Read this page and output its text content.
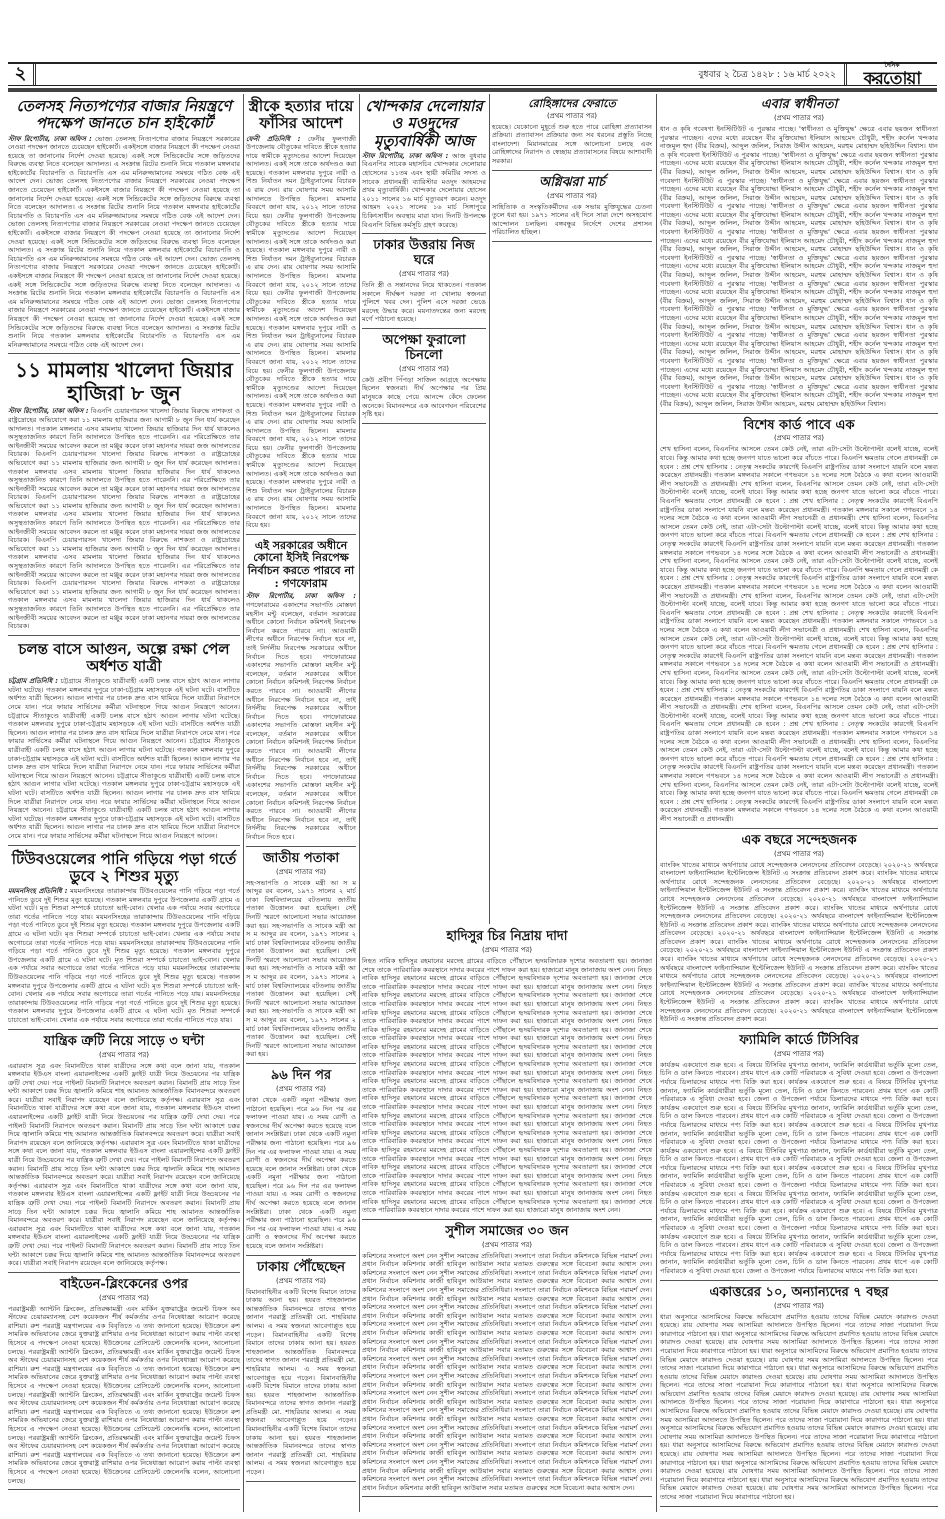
২	বুধবার ২ চৈত্র ১৪২৮ : ১৬ মার্চ ২০২২
দৈনিক
করতোয়া
তেলসহ নিত্যপণ্যের বাজার নিয়ন্ত্রণে পদক্ষেপ জানতে চান হাইকোর্ট
স্টাফ রিপোর্টার, ঢাকা অফিস : ভোজ্য তেলসহ নিত্যপণ্যের বাজার নিয়ন্ত্রণে সরকারের নেওয়া পদক্ষেপ জানতে চেয়েছেন হাইকোর্ট। একইসঙ্গে বাজার নিয়ন্ত্রণে কী পদক্ষেপ নেওয়া হয়েছে তা জানানোর নির্দেশ দেওয়া হয়েছে। একই সঙ্গে সিন্ডিকেটের সঙ্গে জড়িতদের বিরুদ্ধে ব্যবস্থা নিতে বলেছেন আদালত। এ সংক্রান্ত রিটের শুনানি নিয়ে গতকাল মঙ্গলবার হাইকোর্টের বিচারপতি ও বিচারপতি এস এম মনিরুজ্জামানের সমন্বয়ে গঠিত বেঞ্চ এই আদেশ দেন। ভোজ্য তেলসহ নিত্যপণ্যের বাজার নিয়ন্ত্রণে সরকারের নেওয়া পদক্ষেপ জানতে চেয়েছেন হাইকোর্ট। একইসঙ্গে বাজার নিয়ন্ত্রণে কী পদক্ষেপ নেওয়া হয়েছে তা জানানোর নির্দেশ দেওয়া হয়েছে। একই সঙ্গে সিন্ডিকেটের সঙ্গে জড়িতদের বিরুদ্ধে ব্যবস্থা নিতে বলেছেন আদালত। এ সংক্রান্ত রিটের শুনানি নিয়ে গতকাল মঙ্গলবার হাইকোর্টের বিচারপতি ও বিচারপতি এস এম মনিরুজ্জামানের সমন্বয়ে গঠিত বেঞ্চ এই আদেশ দেন। ভোজ্য তেলসহ নিত্যপণ্যের বাজার নিয়ন্ত্রণে সরকারের নেওয়া পদক্ষেপ জানতে চেয়েছেন হাইকোর্ট। একইসঙ্গে বাজার নিয়ন্ত্রণে কী পদক্ষেপ নেওয়া হয়েছে তা জানানোর নির্দেশ দেওয়া হয়েছে। একই সঙ্গে সিন্ডিকেটের সঙ্গে জড়িতদের বিরুদ্ধে ব্যবস্থা নিতে বলেছেন আদালত। এ সংক্রান্ত রিটের শুনানি নিয়ে গতকাল মঙ্গলবার হাইকোর্টের বিচারপতি ও বিচারপতি এস এম মনিরুজ্জামানের সমন্বয়ে গঠিত বেঞ্চ এই আদেশ দেন। ভোজ্য তেলসহ নিত্যপণ্যের বাজার নিয়ন্ত্রণে সরকারের নেওয়া পদক্ষেপ জানতে চেয়েছেন হাইকোর্ট। একইসঙ্গে বাজার নিয়ন্ত্রণে কী পদক্ষেপ নেওয়া হয়েছে তা জানানোর নির্দেশ দেওয়া হয়েছে। একই সঙ্গে সিন্ডিকেটের সঙ্গে জড়িতদের বিরুদ্ধে ব্যবস্থা নিতে বলেছেন আদালত। এ সংক্রান্ত রিটের শুনানি নিয়ে গতকাল মঙ্গলবার হাইকোর্টের বিচারপতি ও বিচারপতি এস এম মনিরুজ্জামানের সমন্বয়ে গঠিত বেঞ্চ এই আদেশ দেন। ভোজ্য তেলসহ নিত্যপণ্যের বাজার নিয়ন্ত্রণে সরকারের নেওয়া পদক্ষেপ জানতে চেয়েছেন হাইকোর্ট। একইসঙ্গে বাজার নিয়ন্ত্রণে কী পদক্ষেপ নেওয়া হয়েছে তা জানানোর নির্দেশ দেওয়া হয়েছে। একই সঙ্গে সিন্ডিকেটের সঙ্গে জড়িতদের বিরুদ্ধে ব্যবস্থা নিতে বলেছেন আদালত। এ সংক্রান্ত রিটের শুনানি নিয়ে গতকাল মঙ্গলবার হাইকোর্টের বিচারপতি ও বিচারপতি এস এম মনিরুজ্জামানের সমন্বয়ে গঠিত বেঞ্চ এই আদেশ দেন।
১১ মামলায় খালেদা জিয়ার হাজিরা ৮ জুন
স্টাফ রিপোর্টার, ঢাকা অফিস : বিএনপি চেয়ারপারসন খালেদা জিয়ার বিরুদ্ধে নাশকতা ও রাষ্ট্রদ্রোহের অভিযোগে করা ১১ মামলায় হাজিরার জন্য আগামী ৮ জুন দিন ধার্য করেছেন আদালত। গতকাল মঙ্গলবার এসব মামলায় খালেদা জিয়ার হাজিরার দিন ধার্য থাকলেও অসুস্থতাজনিত কারণে তিনি আদালতে উপস্থিত হতে পারেননি। এর পরিপ্রেক্ষিতে তার আইনজীবী সময়ের আবেদন করলে তা মঞ্জুর করেন ঢাকা মহানগর দায়রা জজ আদালতের বিচারক। বিএনপি চেয়ারপারসন খালেদা জিয়ার বিরুদ্ধে নাশকতা ও রাষ্ট্রদ্রোহের অভিযোগে করা ১১ মামলায় হাজিরার জন্য আগামী ৮ জুন দিন ধার্য করেছেন আদালত। গতকাল মঙ্গলবার এসব মামলায় খালেদা জিয়ার হাজিরার দিন ধার্য থাকলেও অসুস্থতাজনিত কারণে তিনি আদালতে উপস্থিত হতে পারেননি। এর পরিপ্রেক্ষিতে তার আইনজীবী সময়ের আবেদন করলে তা মঞ্জুর করেন ঢাকা মহানগর দায়রা জজ আদালতের বিচারক। বিএনপি চেয়ারপারসন খালেদা জিয়ার বিরুদ্ধে নাশকতা ও রাষ্ট্রদ্রোহের অভিযোগে করা ১১ মামলায় হাজিরার জন্য আগামী ৮ জুন দিন ধার্য করেছেন আদালত। গতকাল মঙ্গলবার এসব মামলায় খালেদা জিয়ার হাজিরার দিন ধার্য থাকলেও অসুস্থতাজনিত কারণে তিনি আদালতে উপস্থিত হতে পারেননি। এর পরিপ্রেক্ষিতে তার আইনজীবী সময়ের আবেদন করলে তা মঞ্জুর করেন ঢাকা মহানগর দায়রা জজ আদালতের বিচারক। বিএনপি চেয়ারপারসন খালেদা জিয়ার বিরুদ্ধে নাশকতা ও রাষ্ট্রদ্রোহের অভিযোগে করা ১১ মামলায় হাজিরার জন্য আগামী ৮ জুন দিন ধার্য করেছেন আদালত। গতকাল মঙ্গলবার এসব মামলায় খালেদা জিয়ার হাজিরার দিন ধার্য থাকলেও অসুস্থতাজনিত কারণে তিনি আদালতে উপস্থিত হতে পারেননি। এর পরিপ্রেক্ষিতে তার আইনজীবী সময়ের আবেদন করলে তা মঞ্জুর করেন ঢাকা মহানগর দায়রা জজ আদালতের বিচারক। বিএনপি চেয়ারপারসন খালেদা জিয়ার বিরুদ্ধে নাশকতা ও রাষ্ট্রদ্রোহের অভিযোগে করা ১১ মামলায় হাজিরার জন্য আগামী ৮ জুন দিন ধার্য করেছেন আদালত। গতকাল মঙ্গলবার এসব মামলায় খালেদা জিয়ার হাজিরার দিন ধার্য থাকলেও অসুস্থতাজনিত কারণে তিনি আদালতে উপস্থিত হতে পারেননি। এর পরিপ্রেক্ষিতে তার আইনজীবী সময়ের আবেদন করলে তা মঞ্জুর করেন ঢাকা মহানগর দায়রা জজ আদালতের বিচারক।
চলন্ত বাসে আগুন, অল্পে রক্ষা পেল অর্ধশত যাত্রী
চট্টগ্রাম প্রতিনিধি : চট্টগ্রামে সীতাকুণ্ডে যাত্রীবাহী একটি চলন্ত বাসে হঠাৎ আগুন লাগার ঘটনা ঘটেছে। গতকাল মঙ্গলবার দুপুরে ঢাকা-চট্টগ্রাম মহাসড়কে এই ঘটনা ঘটে। বাসটিতে অর্ধশত যাত্রী ছিলেন। আগুন লাগার পর চালক দ্রুত বাস থামিয়ে দিলে যাত্রীরা নিরাপদে নেমে যান। পরে ফায়ার সার্ভিসের কর্মীরা ঘটনাস্থলে গিয়ে আগুন নিয়ন্ত্রণে আনেন। চট্টগ্রামে সীতাকুণ্ডে যাত্রীবাহী একটি চলন্ত বাসে হঠাৎ আগুন লাগার ঘটনা ঘটেছে। গতকাল মঙ্গলবার দুপুরে ঢাকা-চট্টগ্রাম মহাসড়কে এই ঘটনা ঘটে। বাসটিতে অর্ধশত যাত্রী ছিলেন। আগুন লাগার পর চালক দ্রুত বাস থামিয়ে দিলে যাত্রীরা নিরাপদে নেমে যান। পরে ফায়ার সার্ভিসের কর্মীরা ঘটনাস্থলে গিয়ে আগুন নিয়ন্ত্রণে আনেন। চট্টগ্রামে সীতাকুণ্ডে যাত্রীবাহী একটি চলন্ত বাসে হঠাৎ আগুন লাগার ঘটনা ঘটেছে। গতকাল মঙ্গলবার দুপুরে ঢাকা-চট্টগ্রাম মহাসড়কে এই ঘটনা ঘটে। বাসটিতে অর্ধশত যাত্রী ছিলেন। আগুন লাগার পর চালক দ্রুত বাস থামিয়ে দিলে যাত্রীরা নিরাপদে নেমে যান। পরে ফায়ার সার্ভিসের কর্মীরা ঘটনাস্থলে গিয়ে আগুন নিয়ন্ত্রণে আনেন। চট্টগ্রামে সীতাকুণ্ডে যাত্রীবাহী একটি চলন্ত বাসে হঠাৎ আগুন লাগার ঘটনা ঘটেছে। গতকাল মঙ্গলবার দুপুরে ঢাকা-চট্টগ্রাম মহাসড়কে এই ঘটনা ঘটে। বাসটিতে অর্ধশত যাত্রী ছিলেন। আগুন লাগার পর চালক দ্রুত বাস থামিয়ে দিলে যাত্রীরা নিরাপদে নেমে যান। পরে ফায়ার সার্ভিসের কর্মীরা ঘটনাস্থলে গিয়ে আগুন নিয়ন্ত্রণে আনেন। চট্টগ্রামে সীতাকুণ্ডে যাত্রীবাহী একটি চলন্ত বাসে হঠাৎ আগুন লাগার ঘটনা ঘটেছে। গতকাল মঙ্গলবার দুপুরে ঢাকা-চট্টগ্রাম মহাসড়কে এই ঘটনা ঘটে। বাসটিতে অর্ধশত যাত্রী ছিলেন। আগুন লাগার পর চালক দ্রুত বাস থামিয়ে দিলে যাত্রীরা নিরাপদে নেমে যান। পরে ফায়ার সার্ভিসের কর্মীরা ঘটনাস্থলে গিয়ে আগুন নিয়ন্ত্রণে আনেন।
টিউবওয়েলের পানি গড়িয়ে পড়া গর্তে ডুবে ২ শিশুর মৃত্যু
ময়মনসিংহ প্রতিনিধি : ময়মনসিংহের তারাকান্দায় টিউবওয়েলের পানি গড়িয়ে পড়া গর্তে পানিতে ডুবে দুই শিশুর মৃত্যু হয়েছে। গতকাল মঙ্গলবার দুপুরে উপজেলার একটি গ্রামে এ ঘটনা ঘটে। মৃত শিশুরা সম্পর্কে চাচাতো ভাই-বোন। খেলার এক পর্যায়ে সবার অগোচরে তারা গর্তের পানিতে পড়ে যায়। ময়মনসিংহের তারাকান্দায় টিউবওয়েলের পানি গড়িয়ে পড়া গর্তে পানিতে ডুবে দুই শিশুর মৃত্যু হয়েছে। গতকাল মঙ্গলবার দুপুরে উপজেলার একটি গ্রামে এ ঘটনা ঘটে। মৃত শিশুরা সম্পর্কে চাচাতো ভাই-বোন। খেলার এক পর্যায়ে সবার অগোচরে তারা গর্তের পানিতে পড়ে যায়। ময়মনসিংহের তারাকান্দায় টিউবওয়েলের পানি গড়িয়ে পড়া গর্তে পানিতে ডুবে দুই শিশুর মৃত্যু হয়েছে। গতকাল মঙ্গলবার দুপুরে উপজেলার একটি গ্রামে এ ঘটনা ঘটে। মৃত শিশুরা সম্পর্কে চাচাতো ভাই-বোন। খেলার এক পর্যায়ে সবার অগোচরে তারা গর্তের পানিতে পড়ে যায়। ময়মনসিংহের তারাকান্দায় টিউবওয়েলের পানি গড়িয়ে পড়া গর্তে পানিতে ডুবে দুই শিশুর মৃত্যু হয়েছে। গতকাল মঙ্গলবার দুপুরে উপজেলার একটি গ্রামে এ ঘটনা ঘটে। মৃত শিশুরা সম্পর্কে চাচাতো ভাই-বোন। খেলার এক পর্যায়ে সবার অগোচরে তারা গর্তের পানিতে পড়ে যায়। ময়মনসিংহের তারাকান্দায় টিউবওয়েলের পানি গড়িয়ে পড়া গর্তে পানিতে ডুবে দুই শিশুর মৃত্যু হয়েছে। গতকাল মঙ্গলবার দুপুরে উপজেলার একটি গ্রামে এ ঘটনা ঘটে। মৃত শিশুরা সম্পর্কে চাচাতো ভাই-বোন। খেলার এক পর্যায়ে সবার অগোচরে তারা গর্তের পানিতে পড়ে যায়।
যান্ত্রিক ত্রুটি নিয়ে সাড়ে ৩ ঘন্টা
(প্রথম পাতার পর)
এরারবাস সুত্র এবং বিমানটিতে থাকা যাত্রীদের সঙ্গে কথা বলে জানা যায়, গতকাল মঙ্গলবার ইউএস বাংলা এয়ারলাইন্সের একটি ফ্লাইট যাত্রী নিয়ে উড্ডয়নের পর যান্ত্রিক ত্রুটি দেখা দেয়। পরে পাইলট বিমানটি নিরাপদে অবতরণ করান। বিমানটি প্রায় সাড়ে তিন ঘন্টা আকাশে চক্কর দিয়ে জ্বালানি কমিয়ে শাহ আমানত আন্তর্জাতিক বিমানবন্দরে অবতরণ করে। যাত্রীরা সবাই নিরাপদ রয়েছেন বলে জানিয়েছে কর্তৃপক্ষ। এরারবাস সুত্র এবং বিমানটিতে থাকা যাত্রীদের সঙ্গে কথা বলে জানা যায়, গতকাল মঙ্গলবার ইউএস বাংলা এয়ারলাইন্সের একটি ফ্লাইট যাত্রী নিয়ে উড্ডয়নের পর যান্ত্রিক ত্রুটি দেখা দেয়। পরে পাইলট বিমানটি নিরাপদে অবতরণ করান। বিমানটি প্রায় সাড়ে তিন ঘন্টা আকাশে চক্কর দিয়ে জ্বালানি কমিয়ে শাহ আমানত আন্তর্জাতিক বিমানবন্দরে অবতরণ করে। যাত্রীরা সবাই নিরাপদ রয়েছেন বলে জানিয়েছে কর্তৃপক্ষ। এরারবাস সুত্র এবং বিমানটিতে থাকা যাত্রীদের সঙ্গে কথা বলে জানা যায়, গতকাল মঙ্গলবার ইউএস বাংলা এয়ারলাইন্সের একটি ফ্লাইট যাত্রী নিয়ে উড্ডয়নের পর যান্ত্রিক ত্রুটি দেখা দেয়। পরে পাইলট বিমানটি নিরাপদে অবতরণ করান। বিমানটি প্রায় সাড়ে তিন ঘন্টা আকাশে চক্কর দিয়ে জ্বালানি কমিয়ে শাহ আমানত আন্তর্জাতিক বিমানবন্দরে অবতরণ করে। যাত্রীরা সবাই নিরাপদ রয়েছেন বলে জানিয়েছে কর্তৃপক্ষ। এরারবাস সুত্র এবং বিমানটিতে থাকা যাত্রীদের সঙ্গে কথা বলে জানা যায়, গতকাল মঙ্গলবার ইউএস বাংলা এয়ারলাইন্সের একটি ফ্লাইট যাত্রী নিয়ে উড্ডয়নের পর যান্ত্রিক ত্রুটি দেখা দেয়। পরে পাইলট বিমানটি নিরাপদে অবতরণ করান। বিমানটি প্রায় সাড়ে তিন ঘন্টা আকাশে চক্কর দিয়ে জ্বালানি কমিয়ে শাহ আমানত আন্তর্জাতিক বিমানবন্দরে অবতরণ করে। যাত্রীরা সবাই নিরাপদ রয়েছেন বলে জানিয়েছে কর্তৃপক্ষ। এরারবাস সুত্র এবং বিমানটিতে থাকা যাত্রীদের সঙ্গে কথা বলে জানা যায়, গতকাল মঙ্গলবার ইউএস বাংলা এয়ারলাইন্সের একটি ফ্লাইট যাত্রী নিয়ে উড্ডয়নের পর যান্ত্রিক ত্রুটি দেখা দেয়। পরে পাইলট বিমানটি নিরাপদে অবতরণ করান। বিমানটি প্রায় সাড়ে তিন ঘন্টা আকাশে চক্কর দিয়ে জ্বালানি কমিয়ে শাহ আমানত আন্তর্জাতিক বিমানবন্দরে অবতরণ করে। যাত্রীরা সবাই নিরাপদ রয়েছেন বলে জানিয়েছে কর্তৃপক্ষ।
বাইডেন-ব্লিংকেনের ওপর
(প্রথম পাতার পর)
পররাষ্ট্রমন্ত্রী অ্যান্টনি ব্লিংকেন, প্রতিরক্ষামন্ত্রী এবং মার্কিন যুক্তরাষ্ট্রের জয়েন্ট চিফস অব স্টাফের চেয়ারম্যানসহ বেশ কয়েকজন শীর্ষ কর্মকর্তার ওপর নিষেধাজ্ঞা আরোপ করেছে রাশিয়া। রুশ পররাষ্ট্র মন্ত্রণালয়ের এক বিবৃতিতে এ তথ্য জানানো হয়েছে। ইউক্রেনে রুশ সামরিক অভিযানের জেরে যুক্তরাষ্ট্র রাশিয়ার ওপর নিষেধাজ্ঞা আরোপ করায় পাল্টা ব্যবস্থা হিসেবে এ পদক্ষেপ নেওয়া হয়েছে। ইউক্রেনের প্রেসিডেন্ট জেলেনস্কি বলেন, আলোচনা চলছে। পররাষ্ট্রমন্ত্রী অ্যান্টনি ব্লিংকেন, প্রতিরক্ষামন্ত্রী এবং মার্কিন যুক্তরাষ্ট্রের জয়েন্ট চিফস অব স্টাফের চেয়ারম্যানসহ বেশ কয়েকজন শীর্ষ কর্মকর্তার ওপর নিষেধাজ্ঞা আরোপ করেছে রাশিয়া। রুশ পররাষ্ট্র মন্ত্রণালয়ের এক বিবৃতিতে এ তথ্য জানানো হয়েছে। ইউক্রেনে রুশ সামরিক অভিযানের জেরে যুক্তরাষ্ট্র রাশিয়ার ওপর নিষেধাজ্ঞা আরোপ করায় পাল্টা ব্যবস্থা হিসেবে এ পদক্ষেপ নেওয়া হয়েছে। ইউক্রেনের প্রেসিডেন্ট জেলেনস্কি বলেন, আলোচনা চলছে। পররাষ্ট্রমন্ত্রী অ্যান্টনি ব্লিংকেন, প্রতিরক্ষামন্ত্রী এবং মার্কিন যুক্তরাষ্ট্রের জয়েন্ট চিফস অব স্টাফের চেয়ারম্যানসহ বেশ কয়েকজন শীর্ষ কর্মকর্তার ওপর নিষেধাজ্ঞা আরোপ করেছে রাশিয়া। রুশ পররাষ্ট্র মন্ত্রণালয়ের এক বিবৃতিতে এ তথ্য জানানো হয়েছে। ইউক্রেনে রুশ সামরিক অভিযানের জেরে যুক্তরাষ্ট্র রাশিয়ার ওপর নিষেধাজ্ঞা আরোপ করায় পাল্টা ব্যবস্থা হিসেবে এ পদক্ষেপ নেওয়া হয়েছে। ইউক্রেনের প্রেসিডেন্ট জেলেনস্কি বলেন, আলোচনা চলছে। পররাষ্ট্রমন্ত্রী অ্যান্টনি ব্লিংকেন, প্রতিরক্ষামন্ত্রী এবং মার্কিন যুক্তরাষ্ট্রের জয়েন্ট চিফস অব স্টাফের চেয়ারম্যানসহ বেশ কয়েকজন শীর্ষ কর্মকর্তার ওপর নিষেধাজ্ঞা আরোপ করেছে রাশিয়া। রুশ পররাষ্ট্র মন্ত্রণালয়ের এক বিবৃতিতে এ তথ্য জানানো হয়েছে। ইউক্রেনে রুশ সামরিক অভিযানের জেরে যুক্তরাষ্ট্র রাশিয়ার ওপর নিষেধাজ্ঞা আরোপ করায় পাল্টা ব্যবস্থা হিসেবে এ পদক্ষেপ নেওয়া হয়েছে। ইউক্রেনের প্রেসিডেন্ট জেলেনস্কি বলেন, আলোচনা চলছে।
স্ত্রীকে হত্যার দায়ে ফাঁসির আদেশ
ফেনী প্রতিনিধি : ফেনীর ফুলগাজী উপজেলায় যৌতুকের দাবিতে স্ত্রীকে হত্যার দায়ে স্বামীকে মৃত্যুদণ্ডের আদেশ দিয়েছেন আদালত। একই সঙ্গে তাকে অর্থদণ্ডও করা হয়েছে। গতকাল মঙ্গলবার দুপুরে নারী ও শিশু নির্যাতন দমন ট্রাইব্যুনালের বিচারক এ রায় দেন। রায় ঘোষণার সময় আসামি আদালতে উপস্থিত ছিলেন। মামলার বিবরণে জানা যায়, ২০১২ সালে তাদের বিয়ে হয়। ফেনীর ফুলগাজী উপজেলায় যৌতুকের দাবিতে স্ত্রীকে হত্যার দায়ে স্বামীকে মৃত্যুদণ্ডের আদেশ দিয়েছেন আদালত। একই সঙ্গে তাকে অর্থদণ্ডও করা হয়েছে। গতকাল মঙ্গলবার দুপুরে নারী ও শিশু নির্যাতন দমন ট্রাইব্যুনালের বিচারক এ রায় দেন। রায় ঘোষণার সময় আসামি আদালতে উপস্থিত ছিলেন। মামলার বিবরণে জানা যায়, ২০১২ সালে তাদের বিয়ে হয়। ফেনীর ফুলগাজী উপজেলায় যৌতুকের দাবিতে স্ত্রীকে হত্যার দায়ে স্বামীকে মৃত্যুদণ্ডের আদেশ দিয়েছেন আদালত। একই সঙ্গে তাকে অর্থদণ্ডও করা হয়েছে। গতকাল মঙ্গলবার দুপুরে নারী ও শিশু নির্যাতন দমন ট্রাইব্যুনালের বিচারক এ রায় দেন। রায় ঘোষণার সময় আসামি আদালতে উপস্থিত ছিলেন। মামলার বিবরণে জানা যায়, ২০১২ সালে তাদের বিয়ে হয়। ফেনীর ফুলগাজী উপজেলায় যৌতুকের দাবিতে স্ত্রীকে হত্যার দায়ে স্বামীকে মৃত্যুদণ্ডের আদেশ দিয়েছেন আদালত। একই সঙ্গে তাকে অর্থদণ্ডও করা হয়েছে। গতকাল মঙ্গলবার দুপুরে নারী ও শিশু নির্যাতন দমন ট্রাইব্যুনালের বিচারক এ রায় দেন। রায় ঘোষণার সময় আসামি আদালতে উপস্থিত ছিলেন। মামলার বিবরণে জানা যায়, ২০১২ সালে তাদের বিয়ে হয়। ফেনীর ফুলগাজী উপজেলায় যৌতুকের দাবিতে স্ত্রীকে হত্যার দায়ে স্বামীকে মৃত্যুদণ্ডের আদেশ দিয়েছেন আদালত। একই সঙ্গে তাকে অর্থদণ্ডও করা হয়েছে। গতকাল মঙ্গলবার দুপুরে নারী ও শিশু নির্যাতন দমন ট্রাইব্যুনালের বিচারক এ রায় দেন। রায় ঘোষণার সময় আসামি আদালতে উপস্থিত ছিলেন। মামলার বিবরণে জানা যায়, ২০১২ সালে তাদের বিয়ে হয়।
এই সরকারের অধীনে কোনো ইসিই নিরপেক্ষ নির্বাচন করতে পারবে না : গণফোরাম
স্টাফ রিপোর্টার, ঢাকা অফিস : গণফোরামের একাংশের সভাপতি মোস্তফা মহসীন মন্টু বলেছেন, বর্তমান সরকারের অধীনে কোনো নির্বাচন কমিশনই নিরপেক্ষ নির্বাচন করতে পারবে না। আওয়ামী লীগের অধীনে নিরপেক্ষ নির্বাচন হবে না, তাই নির্দলীয় নিরপেক্ষ সরকারের অধীনে নির্বাচন দিতে হবে। গণফোরামের একাংশের সভাপতি মোস্তফা মহসীন মন্টু বলেছেন, বর্তমান সরকারের অধীনে কোনো নির্বাচন কমিশনই নিরপেক্ষ নির্বাচন করতে পারবে না। আওয়ামী লীগের অধীনে নিরপেক্ষ নির্বাচন হবে না, তাই নির্দলীয় নিরপেক্ষ সরকারের অধীনে নির্বাচন দিতে হবে। গণফোরামের একাংশের সভাপতি মোস্তফা মহসীন মন্টু বলেছেন, বর্তমান সরকারের অধীনে কোনো নির্বাচন কমিশনই নিরপেক্ষ নির্বাচন করতে পারবে না। আওয়ামী লীগের অধীনে নিরপেক্ষ নির্বাচন হবে না, তাই নির্দলীয় নিরপেক্ষ সরকারের অধীনে নির্বাচন দিতে হবে। গণফোরামের একাংশের সভাপতি মোস্তফা মহসীন মন্টু বলেছেন, বর্তমান সরকারের অধীনে কোনো নির্বাচন কমিশনই নিরপেক্ষ নির্বাচন করতে পারবে না। আওয়ামী লীগের অধীনে নিরপেক্ষ নির্বাচন হবে না, তাই নির্দলীয় নিরপেক্ষ সরকারের অধীনে নির্বাচন দিতে হবে।
জাতীয় পতাকা
(প্রথম পাতার পর)
সহ-সভাপতি ও সাবেক মন্ত্রী আ স ম আব্দুর রব বলেন, ১৯৭১ সালের ২ মার্চ ঢাকা বিশ্ববিদ্যালয়ের বটতলায় জাতীয় পতাকা উত্তোলন করা হয়েছিল। সেই দিনটি স্মরণে আলোচনা সভার আয়োজন করা হয়। সহ-সভাপতি ও সাবেক মন্ত্রী আ স ম আব্দুর রব বলেন, ১৯৭১ সালের ২ মার্চ ঢাকা বিশ্ববিদ্যালয়ের বটতলায় জাতীয় পতাকা উত্তোলন করা হয়েছিল। সেই দিনটি স্মরণে আলোচনা সভার আয়োজন করা হয়। সহ-সভাপতি ও সাবেক মন্ত্রী আ স ম আব্দুর রব বলেন, ১৯৭১ সালের ২ মার্চ ঢাকা বিশ্ববিদ্যালয়ের বটতলায় জাতীয় পতাকা উত্তোলন করা হয়েছিল। সেই দিনটি স্মরণে আলোচনা সভার আয়োজন করা হয়। সহ-সভাপতি ও সাবেক মন্ত্রী আ স ম আব্দুর রব বলেন, ১৯৭১ সালের ২ মার্চ ঢাকা বিশ্ববিদ্যালয়ের বটতলায় জাতীয় পতাকা উত্তোলন করা হয়েছিল। সেই দিনটি স্মরণে আলোচনা সভার আয়োজন করা হয়।
৯৬ দিন পর
(প্রথম পাতার পর)
ঢাকা থেকে একটি নমুনা পরীক্ষার জন্য পাঠানো হয়েছিল। পরে ৯৬ দিন পর এর ফলাফল পাওয়া যায়। এ সময় রোগী ও স্বজনদের দীর্ঘ অপেক্ষা করতে হয়েছে বলে জানান সংশ্লিষ্টরা। ঢাকা থেকে একটি নমুনা পরীক্ষার জন্য পাঠানো হয়েছিল। পরে ৯৬ দিন পর এর ফলাফল পাওয়া যায়। এ সময় রোগী ও স্বজনদের দীর্ঘ অপেক্ষা করতে হয়েছে বলে জানান সংশ্লিষ্টরা। ঢাকা থেকে একটি নমুনা পরীক্ষার জন্য পাঠানো হয়েছিল। পরে ৯৬ দিন পর এর ফলাফল পাওয়া যায়। এ সময় রোগী ও স্বজনদের দীর্ঘ অপেক্ষা করতে হয়েছে বলে জানান সংশ্লিষ্টরা। ঢাকা থেকে একটি নমুনা পরীক্ষার জন্য পাঠানো হয়েছিল। পরে ৯৬ দিন পর এর ফলাফল পাওয়া যায়। এ সময় রোগী ও স্বজনদের দীর্ঘ অপেক্ষা করতে হয়েছে বলে জানান সংশ্লিষ্টরা।
ঢাকায় পৌঁছেছেন
(প্রথম পাতার পর)
বিমানবাহিনীর একটি বিশেষ বিমানে তাদের ঢাকায় আনা হয়। হযরত শাহজালাল আন্তর্জাতিক বিমানবন্দরে তাদের স্বাগত জানান পররাষ্ট্র প্রতিমন্ত্রী মো. শাহরিয়ার আলম। এ সময় স্বজনরা আবেগাপ্লুত হয়ে পড়েন। বিমানবাহিনীর একটি বিশেষ বিমানে তাদের ঢাকায় আনা হয়। হযরত শাহজালাল আন্তর্জাতিক বিমানবন্দরে তাদের স্বাগত জানান পররাষ্ট্র প্রতিমন্ত্রী মো. শাহরিয়ার আলম। এ সময় স্বজনরা আবেগাপ্লুত হয়ে পড়েন। বিমানবাহিনীর একটি বিশেষ বিমানে তাদের ঢাকায় আনা হয়। হযরত শাহজালাল আন্তর্জাতিক বিমানবন্দরে তাদের স্বাগত জানান পররাষ্ট্র প্রতিমন্ত্রী মো. শাহরিয়ার আলম। এ সময় স্বজনরা আবেগাপ্লুত হয়ে পড়েন। বিমানবাহিনীর একটি বিশেষ বিমানে তাদের ঢাকায় আনা হয়। হযরত শাহজালাল আন্তর্জাতিক বিমানবন্দরে তাদের স্বাগত জানান পররাষ্ট্র প্রতিমন্ত্রী মো. শাহরিয়ার আলম। এ সময় স্বজনরা আবেগাপ্লুত হয়ে পড়েন।
খোন্দকার দেলোয়ার ও মওদুদের মৃত্যুবার্ষিকী আজ
স্টাফ রিপোর্টার, ঢাকা অফিস : আজ বুধবার বিএনপির সাবেক মহাসচিব খোন্দকার দেলোয়ার হোসেনের ১১তম এবং স্থায়ী কমিটির সদস্য ও সাবেক প্রধানমন্ত্রী ব্যারিস্টার মওদুদ আহমদের প্রথম মৃত্যুবার্ষিকী। খোন্দকার দেলোয়ার হোসেন ২০১১ সালের ১৬ মার্চ মৃত্যুবরণ করেন। মওদুদ আহমদ ২০২১ সালের ১৬ মার্চ সিঙ্গাপুরে চিকিৎসাধীন অবস্থায় মারা যান। দিনটি উপলক্ষে বিএনপি বিভিন্ন কর্মসূচি গ্রহণ করেছে।
ঢাকার উত্তরায় নিজ ঘরে
(প্রথম পাতার পর)
তিনি স্ত্রী ও সন্তানদের নিয়ে থাকতেন। গতকাল সকালে দীর্ঘক্ষণ দরজা না খোলায় স্বজনরা পুলিশে খবর দেন। পুলিশ এসে দরজা ভেঙে মরদেহ উদ্ধার করে। ময়নাতদন্তের জন্য মরদেহ মর্গে পাঠানো হয়েছে।
অপেক্ষা ফুরালো চিনলো
(প্রথম পাতার পর)
কেউ প্রবীণ পিঁপড়া সাজিল আগ্রহে অপেক্ষায় ছিলেন স্বজনরা। দীর্ঘ অপেক্ষার পর প্রিয় মানুষকে কাছে পেয়ে আনন্দে কেঁদে ফেলেন অনেকে। বিমানবন্দরে এক আবেগঘন পরিবেশের সৃষ্টি হয়।
রোহিঙ্গাদের ফেরাতে
(প্রথম পাতার পর)
হয়েছে। যেকোনো মুহূর্তে শুরু হতে পারে রোহিঙ্গা প্রত্যাবাসন প্রক্রিয়া। প্রত্যাবাসন প্রক্রিয়ার জন্য সব ধরনের প্রস্তুতি নিচ্ছে বাংলাদেশ। মিয়ানমারের সঙ্গে আলোচনা চলছে এবং রোহিঙ্গাদের নিরাপদ ও স্বেচ্ছায় প্রত্যাবাসনের বিষয়ে আশাবাদী সরকার।
অগ্নিঝরা মার্চ
(প্রথম পাতার পর)
সাহিত্যিক ও সংস্কৃতিকর্মীদের এক সভায় মুক্তিযুদ্ধের চেতনা তুলে ধরা হয়। ১৯৭১ সালের এই দিনে সারা দেশে অসহযোগ আন্দোলন চলছিল। বঙ্গবন্ধুর নির্দেশে দেশের প্রশাসন পরিচালিত হচ্ছিল।
এবার স্বাধীনতা
(প্রথম পাতার পর)
ধান ও কৃষি গবেষণা ইনস্টিটিউট এ পুরস্কার পাচ্ছে। 'স্বাধীনতা ও মুক্তিযুদ্ধ' ক্ষেত্রে এবার ছয়জন স্বাধীনতা পুরস্কার পাচ্ছেন। এদের মধ্যে রয়েছেন বীর মুক্তিযোদ্ধা ইলিয়াস আহমেদ চৌধুরী, শহীদ কর্নেল খন্দকার নাজমুল হুদা (বীর বিক্রম), আব্দুল জলিল, সিরাজ উদ্দীন আহমেদ, মরহুম মোহাম্মদ ছহিউদ্দিন বিশ্বাস। ধান ও কৃষি গবেষণা ইনস্টিটিউট এ পুরস্কার পাচ্ছে। 'স্বাধীনতা ও মুক্তিযুদ্ধ' ক্ষেত্রে এবার ছয়জন স্বাধীনতা পুরস্কার পাচ্ছেন। এদের মধ্যে রয়েছেন বীর মুক্তিযোদ্ধা ইলিয়াস আহমেদ চৌধুরী, শহীদ কর্নেল খন্দকার নাজমুল হুদা (বীর বিক্রম), আব্দুল জলিল, সিরাজ উদ্দীন আহমেদ, মরহুম মোহাম্মদ ছহিউদ্দিন বিশ্বাস। ধান ও কৃষি গবেষণা ইনস্টিটিউট এ পুরস্কার পাচ্ছে। 'স্বাধীনতা ও মুক্তিযুদ্ধ' ক্ষেত্রে এবার ছয়জন স্বাধীনতা পুরস্কার পাচ্ছেন। এদের মধ্যে রয়েছেন বীর মুক্তিযোদ্ধা ইলিয়াস আহমেদ চৌধুরী, শহীদ কর্নেল খন্দকার নাজমুল হুদা (বীর বিক্রম), আব্দুল জলিল, সিরাজ উদ্দীন আহমেদ, মরহুম মোহাম্মদ ছহিউদ্দিন বিশ্বাস। ধান ও কৃষি গবেষণা ইনস্টিটিউট এ পুরস্কার পাচ্ছে। 'স্বাধীনতা ও মুক্তিযুদ্ধ' ক্ষেত্রে এবার ছয়জন স্বাধীনতা পুরস্কার পাচ্ছেন। এদের মধ্যে রয়েছেন বীর মুক্তিযোদ্ধা ইলিয়াস আহমেদ চৌধুরী, শহীদ কর্নেল খন্দকার নাজমুল হুদা (বীর বিক্রম), আব্দুল জলিল, সিরাজ উদ্দীন আহমেদ, মরহুম মোহাম্মদ ছহিউদ্দিন বিশ্বাস। ধান ও কৃষি গবেষণা ইনস্টিটিউট এ পুরস্কার পাচ্ছে। 'স্বাধীনতা ও মুক্তিযুদ্ধ' ক্ষেত্রে এবার ছয়জন স্বাধীনতা পুরস্কার পাচ্ছেন। এদের মধ্যে রয়েছেন বীর মুক্তিযোদ্ধা ইলিয়াস আহমেদ চৌধুরী, শহীদ কর্নেল খন্দকার নাজমুল হুদা (বীর বিক্রম), আব্দুল জলিল, সিরাজ উদ্দীন আহমেদ, মরহুম মোহাম্মদ ছহিউদ্দিন বিশ্বাস। ধান ও কৃষি গবেষণা ইনস্টিটিউট এ পুরস্কার পাচ্ছে। 'স্বাধীনতা ও মুক্তিযুদ্ধ' ক্ষেত্রে এবার ছয়জন স্বাধীনতা পুরস্কার পাচ্ছেন। এদের মধ্যে রয়েছেন বীর মুক্তিযোদ্ধা ইলিয়াস আহমেদ চৌধুরী, শহীদ কর্নেল খন্দকার নাজমুল হুদা (বীর বিক্রম), আব্দুল জলিল, সিরাজ উদ্দীন আহমেদ, মরহুম মোহাম্মদ ছহিউদ্দিন বিশ্বাস। ধান ও কৃষি গবেষণা ইনস্টিটিউট এ পুরস্কার পাচ্ছে। 'স্বাধীনতা ও মুক্তিযুদ্ধ' ক্ষেত্রে এবার ছয়জন স্বাধীনতা পুরস্কার পাচ্ছেন। এদের মধ্যে রয়েছেন বীর মুক্তিযোদ্ধা ইলিয়াস আহমেদ চৌধুরী, শহীদ কর্নেল খন্দকার নাজমুল হুদা (বীর বিক্রম), আব্দুল জলিল, সিরাজ উদ্দীন আহমেদ, মরহুম মোহাম্মদ ছহিউদ্দিন বিশ্বাস। ধান ও কৃষি গবেষণা ইনস্টিটিউট এ পুরস্কার পাচ্ছে। 'স্বাধীনতা ও মুক্তিযুদ্ধ' ক্ষেত্রে এবার ছয়জন স্বাধীনতা পুরস্কার পাচ্ছেন। এদের মধ্যে রয়েছেন বীর মুক্তিযোদ্ধা ইলিয়াস আহমেদ চৌধুরী, শহীদ কর্নেল খন্দকার নাজমুল হুদা (বীর বিক্রম), আব্দুল জলিল, সিরাজ উদ্দীন আহমেদ, মরহুম মোহাম্মদ ছহিউদ্দিন বিশ্বাস। ধান ও কৃষি গবেষণা ইনস্টিটিউট এ পুরস্কার পাচ্ছে। 'স্বাধীনতা ও মুক্তিযুদ্ধ' ক্ষেত্রে এবার ছয়জন স্বাধীনতা পুরস্কার পাচ্ছেন। এদের মধ্যে রয়েছেন বীর মুক্তিযোদ্ধা ইলিয়াস আহমেদ চৌধুরী, শহীদ কর্নেল খন্দকার নাজমুল হুদা (বীর বিক্রম), আব্দুল জলিল, সিরাজ উদ্দীন আহমেদ, মরহুম মোহাম্মদ ছহিউদ্দিন বিশ্বাস। ধান ও কৃষি গবেষণা ইনস্টিটিউট এ পুরস্কার পাচ্ছে। 'স্বাধীনতা ও মুক্তিযুদ্ধ' ক্ষেত্রে এবার ছয়জন স্বাধীনতা পুরস্কার পাচ্ছেন। এদের মধ্যে রয়েছেন বীর মুক্তিযোদ্ধা ইলিয়াস আহমেদ চৌধুরী, শহীদ কর্নেল খন্দকার নাজমুল হুদা (বীর বিক্রম), আব্দুল জলিল, সিরাজ উদ্দীন আহমেদ, মরহুম মোহাম্মদ ছহিউদ্দিন বিশ্বাস। ধান ও কৃষি গবেষণা ইনস্টিটিউট এ পুরস্কার পাচ্ছে। 'স্বাধীনতা ও মুক্তিযুদ্ধ' ক্ষেত্রে এবার ছয়জন স্বাধীনতা পুরস্কার পাচ্ছেন। এদের মধ্যে রয়েছেন বীর মুক্তিযোদ্ধা ইলিয়াস আহমেদ চৌধুরী, শহীদ কর্নেল খন্দকার নাজমুল হুদা (বীর বিক্রম), আব্দুল জলিল, সিরাজ উদ্দীন আহমেদ, মরহুম মোহাম্মদ ছহিউদ্দিন বিশ্বাস।
বিশেষ কার্ড পাবে এক
(প্রথম পাতার পর)
শেখ হাসিনা বলেন, বিএনপির আসলে তেমন কেউ নেই, তারা এটা-সেটা উল্টোপাল্টা বলেই যাচ্ছে, বলেই যাবে। কিন্তু আমার কথা হচ্ছে জনগণ যাতে ভালো করে বাঁচতে পারে। বিএনপি ক্ষমতায় গেলে প্রধানমন্ত্রী কে হবেন : প্রশ্ন শেখ হাসিনার : নেতৃত্ব সংকটের কারণেই বিএনপি রাষ্ট্রপতির ডাকা সংলাপে যায়নি বলে মন্তব্য করেছেন প্রধানমন্ত্রী। গতকাল মঙ্গলবার সকালে গণভবনে ১৪ দলের সঙ্গে বৈঠকে এ কথা বলেন আওয়ামী লীগ সভানেত্রী ও প্রধানমন্ত্রী। শেখ হাসিনা বলেন, বিএনপির আসলে তেমন কেউ নেই, তারা এটা-সেটা উল্টোপাল্টা বলেই যাচ্ছে, বলেই যাবে। কিন্তু আমার কথা হচ্ছে জনগণ যাতে ভালো করে বাঁচতে পারে। বিএনপি ক্ষমতায় গেলে প্রধানমন্ত্রী কে হবেন : প্রশ্ন শেখ হাসিনার : নেতৃত্ব সংকটের কারণেই বিএনপি রাষ্ট্রপতির ডাকা সংলাপে যায়নি বলে মন্তব্য করেছেন প্রধানমন্ত্রী। গতকাল মঙ্গলবার সকালে গণভবনে ১৪ দলের সঙ্গে বৈঠকে এ কথা বলেন আওয়ামী লীগ সভানেত্রী ও প্রধানমন্ত্রী। শেখ হাসিনা বলেন, বিএনপির আসলে তেমন কেউ নেই, তারা এটা-সেটা উল্টোপাল্টা বলেই যাচ্ছে, বলেই যাবে। কিন্তু আমার কথা হচ্ছে জনগণ যাতে ভালো করে বাঁচতে পারে। বিএনপি ক্ষমতায় গেলে প্রধানমন্ত্রী কে হবেন : প্রশ্ন শেখ হাসিনার : নেতৃত্ব সংকটের কারণেই বিএনপি রাষ্ট্রপতির ডাকা সংলাপে যায়নি বলে মন্তব্য করেছেন প্রধানমন্ত্রী। গতকাল মঙ্গলবার সকালে গণভবনে ১৪ দলের সঙ্গে বৈঠকে এ কথা বলেন আওয়ামী লীগ সভানেত্রী ও প্রধানমন্ত্রী। শেখ হাসিনা বলেন, বিএনপির আসলে তেমন কেউ নেই, তারা এটা-সেটা উল্টোপাল্টা বলেই যাচ্ছে, বলেই যাবে। কিন্তু আমার কথা হচ্ছে জনগণ যাতে ভালো করে বাঁচতে পারে। বিএনপি ক্ষমতায় গেলে প্রধানমন্ত্রী কে হবেন : প্রশ্ন শেখ হাসিনার : নেতৃত্ব সংকটের কারণেই বিএনপি রাষ্ট্রপতির ডাকা সংলাপে যায়নি বলে মন্তব্য করেছেন প্রধানমন্ত্রী। গতকাল মঙ্গলবার সকালে গণভবনে ১৪ দলের সঙ্গে বৈঠকে এ কথা বলেন আওয়ামী লীগ সভানেত্রী ও প্রধানমন্ত্রী। শেখ হাসিনা বলেন, বিএনপির আসলে তেমন কেউ নেই, তারা এটা-সেটা উল্টোপাল্টা বলেই যাচ্ছে, বলেই যাবে। কিন্তু আমার কথা হচ্ছে জনগণ যাতে ভালো করে বাঁচতে পারে। বিএনপি ক্ষমতায় গেলে প্রধানমন্ত্রী কে হবেন : প্রশ্ন শেখ হাসিনার : নেতৃত্ব সংকটের কারণেই বিএনপি রাষ্ট্রপতির ডাকা সংলাপে যায়নি বলে মন্তব্য করেছেন প্রধানমন্ত্রী। গতকাল মঙ্গলবার সকালে গণভবনে ১৪ দলের সঙ্গে বৈঠকে এ কথা বলেন আওয়ামী লীগ সভানেত্রী ও প্রধানমন্ত্রী। শেখ হাসিনা বলেন, বিএনপির আসলে তেমন কেউ নেই, তারা এটা-সেটা উল্টোপাল্টা বলেই যাচ্ছে, বলেই যাবে। কিন্তু আমার কথা হচ্ছে জনগণ যাতে ভালো করে বাঁচতে পারে। বিএনপি ক্ষমতায় গেলে প্রধানমন্ত্রী কে হবেন : প্রশ্ন শেখ হাসিনার : নেতৃত্ব সংকটের কারণেই বিএনপি রাষ্ট্রপতির ডাকা সংলাপে যায়নি বলে মন্তব্য করেছেন প্রধানমন্ত্রী। গতকাল মঙ্গলবার সকালে গণভবনে ১৪ দলের সঙ্গে বৈঠকে এ কথা বলেন আওয়ামী লীগ সভানেত্রী ও প্রধানমন্ত্রী। শেখ হাসিনা বলেন, বিএনপির আসলে তেমন কেউ নেই, তারা এটা-সেটা উল্টোপাল্টা বলেই যাচ্ছে, বলেই যাবে। কিন্তু আমার কথা হচ্ছে জনগণ যাতে ভালো করে বাঁচতে পারে। বিএনপি ক্ষমতায় গেলে প্রধানমন্ত্রী কে হবেন : প্রশ্ন শেখ হাসিনার : নেতৃত্ব সংকটের কারণেই বিএনপি রাষ্ট্রপতির ডাকা সংলাপে যায়নি বলে মন্তব্য করেছেন প্রধানমন্ত্রী। গতকাল মঙ্গলবার সকালে গণভবনে ১৪ দলের সঙ্গে বৈঠকে এ কথা বলেন আওয়ামী লীগ সভানেত্রী ও প্রধানমন্ত্রী। শেখ হাসিনা বলেন, বিএনপির আসলে তেমন কেউ নেই, তারা এটা-সেটা উল্টোপাল্টা বলেই যাচ্ছে, বলেই যাবে। কিন্তু আমার কথা হচ্ছে জনগণ যাতে ভালো করে বাঁচতে পারে। বিএনপি ক্ষমতায় গেলে প্রধানমন্ত্রী কে হবেন : প্রশ্ন শেখ হাসিনার : নেতৃত্ব সংকটের কারণেই বিএনপি রাষ্ট্রপতির ডাকা সংলাপে যায়নি বলে মন্তব্য করেছেন প্রধানমন্ত্রী। গতকাল মঙ্গলবার সকালে গণভবনে ১৪ দলের সঙ্গে বৈঠকে এ কথা বলেন আওয়ামী লীগ সভানেত্রী ও প্রধানমন্ত্রী। শেখ হাসিনা বলেন, বিএনপির আসলে তেমন কেউ নেই, তারা এটা-সেটা উল্টোপাল্টা বলেই যাচ্ছে, বলেই যাবে। কিন্তু আমার কথা হচ্ছে জনগণ যাতে ভালো করে বাঁচতে পারে। বিএনপি ক্ষমতায় গেলে প্রধানমন্ত্রী কে হবেন : প্রশ্ন শেখ হাসিনার : নেতৃত্ব সংকটের কারণেই বিএনপি রাষ্ট্রপতির ডাকা সংলাপে যায়নি বলে মন্তব্য করেছেন প্রধানমন্ত্রী। গতকাল মঙ্গলবার সকালে গণভবনে ১৪ দলের সঙ্গে বৈঠকে এ কথা বলেন আওয়ামী লীগ সভানেত্রী ও প্রধানমন্ত্রী। শেখ হাসিনা বলেন, বিএনপির আসলে তেমন কেউ নেই, তারা এটা-সেটা উল্টোপাল্টা বলেই যাচ্ছে, বলেই যাবে। কিন্তু আমার কথা হচ্ছে জনগণ যাতে ভালো করে বাঁচতে পারে। বিএনপি ক্ষমতায় গেলে প্রধানমন্ত্রী কে হবেন : প্রশ্ন শেখ হাসিনার : নেতৃত্ব সংকটের কারণেই বিএনপি রাষ্ট্রপতির ডাকা সংলাপে যায়নি বলে মন্তব্য করেছেন প্রধানমন্ত্রী। গতকাল মঙ্গলবার সকালে গণভবনে ১৪ দলের সঙ্গে বৈঠকে এ কথা বলেন আওয়ামী লীগ সভানেত্রী ও প্রধানমন্ত্রী।
এক বছরে সন্দেহজনক
(প্রথম পাতার পর)
ব্যাংকিং খাতের মাধ্যমে অর্থপাচার রোধে সন্দেহজনক লেনদেনের প্রতিবেদন বেড়েছে। ২০২০-২১ অর্থবছরে বাংলাদেশ ফাইন্যান্সিয়াল ইন্টেলিজেন্স ইউনিট এ সংক্রান্ত প্রতিবেদন প্রকাশ করে। ব্যাংকিং খাতের মাধ্যমে অর্থপাচার রোধে সন্দেহজনক লেনদেনের প্রতিবেদন বেড়েছে। ২০২০-২১ অর্থবছরে বাংলাদেশ ফাইন্যান্সিয়াল ইন্টেলিজেন্স ইউনিট এ সংক্রান্ত প্রতিবেদন প্রকাশ করে। ব্যাংকিং খাতের মাধ্যমে অর্থপাচার রোধে সন্দেহজনক লেনদেনের প্রতিবেদন বেড়েছে। ২০২০-২১ অর্থবছরে বাংলাদেশ ফাইন্যান্সিয়াল ইন্টেলিজেন্স ইউনিট এ সংক্রান্ত প্রতিবেদন প্রকাশ করে। ব্যাংকিং খাতের মাধ্যমে অর্থপাচার রোধে সন্দেহজনক লেনদেনের প্রতিবেদন বেড়েছে। ২০২০-২১ অর্থবছরে বাংলাদেশ ফাইন্যান্সিয়াল ইন্টেলিজেন্স ইউনিট এ সংক্রান্ত প্রতিবেদন প্রকাশ করে। ব্যাংকিং খাতের মাধ্যমে অর্থপাচার রোধে সন্দেহজনক লেনদেনের প্রতিবেদন বেড়েছে। ২০২০-২১ অর্থবছরে বাংলাদেশ ফাইন্যান্সিয়াল ইন্টেলিজেন্স ইউনিট এ সংক্রান্ত প্রতিবেদন প্রকাশ করে। ব্যাংকিং খাতের মাধ্যমে অর্থপাচার রোধে সন্দেহজনক লেনদেনের প্রতিবেদন বেড়েছে। ২০২০-২১ অর্থবছরে বাংলাদেশ ফাইন্যান্সিয়াল ইন্টেলিজেন্স ইউনিট এ সংক্রান্ত প্রতিবেদন প্রকাশ করে। ব্যাংকিং খাতের মাধ্যমে অর্থপাচার রোধে সন্দেহজনক লেনদেনের প্রতিবেদন বেড়েছে। ২০২০-২১ অর্থবছরে বাংলাদেশ ফাইন্যান্সিয়াল ইন্টেলিজেন্স ইউনিট এ সংক্রান্ত প্রতিবেদন প্রকাশ করে। ব্যাংকিং খাতের মাধ্যমে অর্থপাচার রোধে সন্দেহজনক লেনদেনের প্রতিবেদন বেড়েছে। ২০২০-২১ অর্থবছরে বাংলাদেশ ফাইন্যান্সিয়াল ইন্টেলিজেন্স ইউনিট এ সংক্রান্ত প্রতিবেদন প্রকাশ করে। ব্যাংকিং খাতের মাধ্যমে অর্থপাচার রোধে সন্দেহজনক লেনদেনের প্রতিবেদন বেড়েছে। ২০২০-২১ অর্থবছরে বাংলাদেশ ফাইন্যান্সিয়াল ইন্টেলিজেন্স ইউনিট এ সংক্রান্ত প্রতিবেদন প্রকাশ করে। ব্যাংকিং খাতের মাধ্যমে অর্থপাচার রোধে সন্দেহজনক লেনদেনের প্রতিবেদন বেড়েছে। ২০২০-২১ অর্থবছরে বাংলাদেশ ফাইন্যান্সিয়াল ইন্টেলিজেন্স ইউনিট এ সংক্রান্ত প্রতিবেদন প্রকাশ করে।
ফ্যামিলি কার্ডে টিসিবির
(প্রথম পাতার পর)
কার্যক্রম একযোগে শুরু হবে। এ বিষয়ে টিসিবির মুখপাত্র জানান, ফ্যামিলি কার্ডধারীরা ভর্তুকি মূল্যে তেল, চিনি ও ডাল কিনতে পারবেন। প্রথম ধাপে এক কোটি পরিবারকে এ সুবিধা দেওয়া হবে। জেলা ও উপজেলা পর্যায়ে ডিলারদের মাধ্যমে পণ্য বিক্রি করা হবে। কার্যক্রম একযোগে শুরু হবে। এ বিষয়ে টিসিবির মুখপাত্র জানান, ফ্যামিলি কার্ডধারীরা ভর্তুকি মূল্যে তেল, চিনি ও ডাল কিনতে পারবেন। প্রথম ধাপে এক কোটি পরিবারকে এ সুবিধা দেওয়া হবে। জেলা ও উপজেলা পর্যায়ে ডিলারদের মাধ্যমে পণ্য বিক্রি করা হবে। কার্যক্রম একযোগে শুরু হবে। এ বিষয়ে টিসিবির মুখপাত্র জানান, ফ্যামিলি কার্ডধারীরা ভর্তুকি মূল্যে তেল, চিনি ও ডাল কিনতে পারবেন। প্রথম ধাপে এক কোটি পরিবারকে এ সুবিধা দেওয়া হবে। জেলা ও উপজেলা পর্যায়ে ডিলারদের মাধ্যমে পণ্য বিক্রি করা হবে। কার্যক্রম একযোগে শুরু হবে। এ বিষয়ে টিসিবির মুখপাত্র জানান, ফ্যামিলি কার্ডধারীরা ভর্তুকি মূল্যে তেল, চিনি ও ডাল কিনতে পারবেন। প্রথম ধাপে এক কোটি পরিবারকে এ সুবিধা দেওয়া হবে। জেলা ও উপজেলা পর্যায়ে ডিলারদের মাধ্যমে পণ্য বিক্রি করা হবে। কার্যক্রম একযোগে শুরু হবে। এ বিষয়ে টিসিবির মুখপাত্র জানান, ফ্যামিলি কার্ডধারীরা ভর্তুকি মূল্যে তেল, চিনি ও ডাল কিনতে পারবেন। প্রথম ধাপে এক কোটি পরিবারকে এ সুবিধা দেওয়া হবে। জেলা ও উপজেলা পর্যায়ে ডিলারদের মাধ্যমে পণ্য বিক্রি করা হবে। কার্যক্রম একযোগে শুরু হবে। এ বিষয়ে টিসিবির মুখপাত্র জানান, ফ্যামিলি কার্ডধারীরা ভর্তুকি মূল্যে তেল, চিনি ও ডাল কিনতে পারবেন। প্রথম ধাপে এক কোটি পরিবারকে এ সুবিধা দেওয়া হবে। জেলা ও উপজেলা পর্যায়ে ডিলারদের মাধ্যমে পণ্য বিক্রি করা হবে। কার্যক্রম একযোগে শুরু হবে। এ বিষয়ে টিসিবির মুখপাত্র জানান, ফ্যামিলি কার্ডধারীরা ভর্তুকি মূল্যে তেল, চিনি ও ডাল কিনতে পারবেন। প্রথম ধাপে এক কোটি পরিবারকে এ সুবিধা দেওয়া হবে। জেলা ও উপজেলা পর্যায়ে ডিলারদের মাধ্যমে পণ্য বিক্রি করা হবে। কার্যক্রম একযোগে শুরু হবে। এ বিষয়ে টিসিবির মুখপাত্র জানান, ফ্যামিলি কার্ডধারীরা ভর্তুকি মূল্যে তেল, চিনি ও ডাল কিনতে পারবেন। প্রথম ধাপে এক কোটি পরিবারকে এ সুবিধা দেওয়া হবে। জেলা ও উপজেলা পর্যায়ে ডিলারদের মাধ্যমে পণ্য বিক্রি করা হবে। কার্যক্রম একযোগে শুরু হবে। এ বিষয়ে টিসিবির মুখপাত্র জানান, ফ্যামিলি কার্ডধারীরা ভর্তুকি মূল্যে তেল, চিনি ও ডাল কিনতে পারবেন। প্রথম ধাপে এক কোটি পরিবারকে এ সুবিধা দেওয়া হবে। জেলা ও উপজেলা পর্যায়ে ডিলারদের মাধ্যমে পণ্য বিক্রি করা হবে। কার্যক্রম একযোগে শুরু হবে। এ বিষয়ে টিসিবির মুখপাত্র জানান, ফ্যামিলি কার্ডধারীরা ভর্তুকি মূল্যে তেল, চিনি ও ডাল কিনতে পারবেন। প্রথম ধাপে এক কোটি পরিবারকে এ সুবিধা দেওয়া হবে। জেলা ও উপজেলা পর্যায়ে ডিলারদের মাধ্যমে পণ্য বিক্রি করা হবে।
একাত্তরের ১০, অন্যান্যদের ৭ বছর
(প্রথম পাতার পর)
ধারা অনুসারে আসামিদের বিরুদ্ধে অভিযোগ প্রমাণিত হওয়ায় তাদের বিভিন্ন মেয়াদে কারাদণ্ড দেওয়া হয়েছে। রায় ঘোষণার সময় আসামিরা আদালতে উপস্থিত ছিলেন। পরে তাদের সাজা পরোয়ানা দিয়ে কারাগারে পাঠানো হয়। ধারা অনুসারে আসামিদের বিরুদ্ধে অভিযোগ প্রমাণিত হওয়ায় তাদের বিভিন্ন মেয়াদে কারাদণ্ড দেওয়া হয়েছে। রায় ঘোষণার সময় আসামিরা আদালতে উপস্থিত ছিলেন। পরে তাদের সাজা পরোয়ানা দিয়ে কারাগারে পাঠানো হয়। ধারা অনুসারে আসামিদের বিরুদ্ধে অভিযোগ প্রমাণিত হওয়ায় তাদের বিভিন্ন মেয়াদে কারাদণ্ড দেওয়া হয়েছে। রায় ঘোষণার সময় আসামিরা আদালতে উপস্থিত ছিলেন। পরে তাদের সাজা পরোয়ানা দিয়ে কারাগারে পাঠানো হয়। ধারা অনুসারে আসামিদের বিরুদ্ধে অভিযোগ প্রমাণিত হওয়ায় তাদের বিভিন্ন মেয়াদে কারাদণ্ড দেওয়া হয়েছে। রায় ঘোষণার সময় আসামিরা আদালতে উপস্থিত ছিলেন। পরে তাদের সাজা পরোয়ানা দিয়ে কারাগারে পাঠানো হয়। ধারা অনুসারে আসামিদের বিরুদ্ধে অভিযোগ প্রমাণিত হওয়ায় তাদের বিভিন্ন মেয়াদে কারাদণ্ড দেওয়া হয়েছে। রায় ঘোষণার সময় আসামিরা আদালতে উপস্থিত ছিলেন। পরে তাদের সাজা পরোয়ানা দিয়ে কারাগারে পাঠানো হয়। ধারা অনুসারে আসামিদের বিরুদ্ধে অভিযোগ প্রমাণিত হওয়ায় তাদের বিভিন্ন মেয়াদে কারাদণ্ড দেওয়া হয়েছে। রায় ঘোষণার সময় আসামিরা আদালতে উপস্থিত ছিলেন। পরে তাদের সাজা পরোয়ানা দিয়ে কারাগারে পাঠানো হয়। ধারা অনুসারে আসামিদের বিরুদ্ধে অভিযোগ প্রমাণিত হওয়ায় তাদের বিভিন্ন মেয়াদে কারাদণ্ড দেওয়া হয়েছে। রায় ঘোষণার সময় আসামিরা আদালতে উপস্থিত ছিলেন। পরে তাদের সাজা পরোয়ানা দিয়ে কারাগারে পাঠানো হয়। ধারা অনুসারে আসামিদের বিরুদ্ধে অভিযোগ প্রমাণিত হওয়ায় তাদের বিভিন্ন মেয়াদে কারাদণ্ড দেওয়া হয়েছে। রায় ঘোষণার সময় আসামিরা আদালতে উপস্থিত ছিলেন। পরে তাদের সাজা পরোয়ানা দিয়ে কারাগারে পাঠানো হয়। ধারা অনুসারে আসামিদের বিরুদ্ধে অভিযোগ প্রমাণিত হওয়ায় তাদের বিভিন্ন মেয়াদে কারাদণ্ড দেওয়া হয়েছে। রায় ঘোষণার সময় আসামিরা আদালতে উপস্থিত ছিলেন। পরে তাদের সাজা পরোয়ানা দিয়ে কারাগারে পাঠানো হয়। ধারা অনুসারে আসামিদের বিরুদ্ধে অভিযোগ প্রমাণিত হওয়ায় তাদের বিভিন্ন মেয়াদে কারাদণ্ড দেওয়া হয়েছে। রায় ঘোষণার সময় আসামিরা আদালতে উপস্থিত ছিলেন। পরে তাদের সাজা পরোয়ানা দিয়ে কারাগারে পাঠানো হয়।
হাদিসুর চির নিদ্রায় দাদা
(প্রথম পাতার পর)
নিহত নাবিক হাদিসুর রহমানের মরদেহ গ্রামের বাড়িতে পৌঁছালে হৃদয়বিদারক দৃশ্যের অবতারণা হয়। জানাজা শেষে তাকে পারিবারিক কবরস্থানে দাদার কবরের পাশে দাফন করা হয়। হাজারো মানুষ জানাজায় অংশ নেন। নিহত নাবিক হাদিসুর রহমানের মরদেহ গ্রামের বাড়িতে পৌঁছালে হৃদয়বিদারক দৃশ্যের অবতারণা হয়। জানাজা শেষে তাকে পারিবারিক কবরস্থানে দাদার কবরের পাশে দাফন করা হয়। হাজারো মানুষ জানাজায় অংশ নেন। নিহত নাবিক হাদিসুর রহমানের মরদেহ গ্রামের বাড়িতে পৌঁছালে হৃদয়বিদারক দৃশ্যের অবতারণা হয়। জানাজা শেষে তাকে পারিবারিক কবরস্থানে দাদার কবরের পাশে দাফন করা হয়। হাজারো মানুষ জানাজায় অংশ নেন। নিহত নাবিক হাদিসুর রহমানের মরদেহ গ্রামের বাড়িতে পৌঁছালে হৃদয়বিদারক দৃশ্যের অবতারণা হয়। জানাজা শেষে তাকে পারিবারিক কবরস্থানে দাদার কবরের পাশে দাফন করা হয়। হাজারো মানুষ জানাজায় অংশ নেন। নিহত নাবিক হাদিসুর রহমানের মরদেহ গ্রামের বাড়িতে পৌঁছালে হৃদয়বিদারক দৃশ্যের অবতারণা হয়। জানাজা শেষে তাকে পারিবারিক কবরস্থানে দাদার কবরের পাশে দাফন করা হয়। হাজারো মানুষ জানাজায় অংশ নেন। নিহত নাবিক হাদিসুর রহমানের মরদেহ গ্রামের বাড়িতে পৌঁছালে হৃদয়বিদারক দৃশ্যের অবতারণা হয়। জানাজা শেষে তাকে পারিবারিক কবরস্থানে দাদার কবরের পাশে দাফন করা হয়। হাজারো মানুষ জানাজায় অংশ নেন। নিহত নাবিক হাদিসুর রহমানের মরদেহ গ্রামের বাড়িতে পৌঁছালে হৃদয়বিদারক দৃশ্যের অবতারণা হয়। জানাজা শেষে তাকে পারিবারিক কবরস্থানে দাদার কবরের পাশে দাফন করা হয়। হাজারো মানুষ জানাজায় অংশ নেন। নিহত নাবিক হাদিসুর রহমানের মরদেহ গ্রামের বাড়িতে পৌঁছালে হৃদয়বিদারক দৃশ্যের অবতারণা হয়। জানাজা শেষে তাকে পারিবারিক কবরস্থানে দাদার কবরের পাশে দাফন করা হয়। হাজারো মানুষ জানাজায় অংশ নেন। নিহত নাবিক হাদিসুর রহমানের মরদেহ গ্রামের বাড়িতে পৌঁছালে হৃদয়বিদারক দৃশ্যের অবতারণা হয়। জানাজা শেষে তাকে পারিবারিক কবরস্থানে দাদার কবরের পাশে দাফন করা হয়। হাজারো মানুষ জানাজায় অংশ নেন। নিহত নাবিক হাদিসুর রহমানের মরদেহ গ্রামের বাড়িতে পৌঁছালে হৃদয়বিদারক দৃশ্যের অবতারণা হয়। জানাজা শেষে তাকে পারিবারিক কবরস্থানে দাদার কবরের পাশে দাফন করা হয়। হাজারো মানুষ জানাজায় অংশ নেন। নিহত নাবিক হাদিসুর রহমানের মরদেহ গ্রামের বাড়িতে পৌঁছালে হৃদয়বিদারক দৃশ্যের অবতারণা হয়। জানাজা শেষে তাকে পারিবারিক কবরস্থানে দাদার কবরের পাশে দাফন করা হয়। হাজারো মানুষ জানাজায় অংশ নেন। নিহত নাবিক হাদিসুর রহমানের মরদেহ গ্রামের বাড়িতে পৌঁছালে হৃদয়বিদারক দৃশ্যের অবতারণা হয়। জানাজা শেষে তাকে পারিবারিক কবরস্থানে দাদার কবরের পাশে দাফন করা হয়। হাজারো মানুষ জানাজায় অংশ নেন। নিহত নাবিক হাদিসুর রহমানের মরদেহ গ্রামের বাড়িতে পৌঁছালে হৃদয়বিদারক দৃশ্যের অবতারণা হয়। জানাজা শেষে তাকে পারিবারিক কবরস্থানে দাদার কবরের পাশে দাফন করা হয়। হাজারো মানুষ জানাজায় অংশ নেন। নিহত নাবিক হাদিসুর রহমানের মরদেহ গ্রামের বাড়িতে পৌঁছালে হৃদয়বিদারক দৃশ্যের অবতারণা হয়। জানাজা শেষে তাকে পারিবারিক কবরস্থানে দাদার কবরের পাশে দাফন করা হয়। হাজারো মানুষ জানাজায় অংশ নেন। নিহত নাবিক হাদিসুর রহমানের মরদেহ গ্রামের বাড়িতে পৌঁছালে হৃদয়বিদারক দৃশ্যের অবতারণা হয়। জানাজা শেষে তাকে পারিবারিক কবরস্থানে দাদার কবরের পাশে দাফন করা হয়। হাজারো মানুষ জানাজায় অংশ নেন।
সুশীল সমাজের ৩০ জন
(প্রথম পাতার পর)
কমিশনের সংলাপে অংশ নেন সুশীল সমাজের প্রতিনিধিরা। সংলাপে তারা নির্বাচন কমিশনকে বিভিন্ন পরামর্শ দেন। প্রধান নির্বাচন কমিশনার কাজী হাবিবুল আউয়াল সবার মতামত গুরুত্বের সঙ্গে বিবেচনা করার আশ্বাস দেন। কমিশনের সংলাপে অংশ নেন সুশীল সমাজের প্রতিনিধিরা। সংলাপে তারা নির্বাচন কমিশনকে বিভিন্ন পরামর্শ দেন। প্রধান নির্বাচন কমিশনার কাজী হাবিবুল আউয়াল সবার মতামত গুরুত্বের সঙ্গে বিবেচনা করার আশ্বাস দেন। কমিশনের সংলাপে অংশ নেন সুশীল সমাজের প্রতিনিধিরা। সংলাপে তারা নির্বাচন কমিশনকে বিভিন্ন পরামর্শ দেন। প্রধান নির্বাচন কমিশনার কাজী হাবিবুল আউয়াল সবার মতামত গুরুত্বের সঙ্গে বিবেচনা করার আশ্বাস দেন। কমিশনের সংলাপে অংশ নেন সুশীল সমাজের প্রতিনিধিরা। সংলাপে তারা নির্বাচন কমিশনকে বিভিন্ন পরামর্শ দেন। প্রধান নির্বাচন কমিশনার কাজী হাবিবুল আউয়াল সবার মতামত গুরুত্বের সঙ্গে বিবেচনা করার আশ্বাস দেন। কমিশনের সংলাপে অংশ নেন সুশীল সমাজের প্রতিনিধিরা। সংলাপে তারা নির্বাচন কমিশনকে বিভিন্ন পরামর্শ দেন। প্রধান নির্বাচন কমিশনার কাজী হাবিবুল আউয়াল সবার মতামত গুরুত্বের সঙ্গে বিবেচনা করার আশ্বাস দেন। কমিশনের সংলাপে অংশ নেন সুশীল সমাজের প্রতিনিধিরা। সংলাপে তারা নির্বাচন কমিশনকে বিভিন্ন পরামর্শ দেন। প্রধান নির্বাচন কমিশনার কাজী হাবিবুল আউয়াল সবার মতামত গুরুত্বের সঙ্গে বিবেচনা করার আশ্বাস দেন। কমিশনের সংলাপে অংশ নেন সুশীল সমাজের প্রতিনিধিরা। সংলাপে তারা নির্বাচন কমিশনকে বিভিন্ন পরামর্শ দেন। প্রধান নির্বাচন কমিশনার কাজী হাবিবুল আউয়াল সবার মতামত গুরুত্বের সঙ্গে বিবেচনা করার আশ্বাস দেন। কমিশনের সংলাপে অংশ নেন সুশীল সমাজের প্রতিনিধিরা। সংলাপে তারা নির্বাচন কমিশনকে বিভিন্ন পরামর্শ দেন। প্রধান নির্বাচন কমিশনার কাজী হাবিবুল আউয়াল সবার মতামত গুরুত্বের সঙ্গে বিবেচনা করার আশ্বাস দেন। কমিশনের সংলাপে অংশ নেন সুশীল সমাজের প্রতিনিধিরা। সংলাপে তারা নির্বাচন কমিশনকে বিভিন্ন পরামর্শ দেন। প্রধান নির্বাচন কমিশনার কাজী হাবিবুল আউয়াল সবার মতামত গুরুত্বের সঙ্গে বিবেচনা করার আশ্বাস দেন। কমিশনের সংলাপে অংশ নেন সুশীল সমাজের প্রতিনিধিরা। সংলাপে তারা নির্বাচন কমিশনকে বিভিন্ন পরামর্শ দেন। প্রধান নির্বাচন কমিশনার কাজী হাবিবুল আউয়াল সবার মতামত গুরুত্বের সঙ্গে বিবেচনা করার আশ্বাস দেন। কমিশনের সংলাপে অংশ নেন সুশীল সমাজের প্রতিনিধিরা। সংলাপে তারা নির্বাচন কমিশনকে বিভিন্ন পরামর্শ দেন। প্রধান নির্বাচন কমিশনার কাজী হাবিবুল আউয়াল সবার মতামত গুরুত্বের সঙ্গে বিবেচনা করার আশ্বাস দেন। কমিশনের সংলাপে অংশ নেন সুশীল সমাজের প্রতিনিধিরা। সংলাপে তারা নির্বাচন কমিশনকে বিভিন্ন পরামর্শ দেন। প্রধান নির্বাচন কমিশনার কাজী হাবিবুল আউয়াল সবার মতামত গুরুত্বের সঙ্গে বিবেচনা করার আশ্বাস দেন। কমিশনের সংলাপে অংশ নেন সুশীল সমাজের প্রতিনিধিরা। সংলাপে তারা নির্বাচন কমিশনকে বিভিন্ন পরামর্শ দেন। প্রধান নির্বাচন কমিশনার কাজী হাবিবুল আউয়াল সবার মতামত গুরুত্বের সঙ্গে বিবেচনা করার আশ্বাস দেন। কমিশনের সংলাপে অংশ নেন সুশীল সমাজের প্রতিনিধিরা। সংলাপে তারা নির্বাচন কমিশনকে বিভিন্ন পরামর্শ দেন। প্রধান নির্বাচন কমিশনার কাজী হাবিবুল আউয়াল সবার মতামত গুরুত্বের সঙ্গে বিবেচনা করার আশ্বাস দেন।
